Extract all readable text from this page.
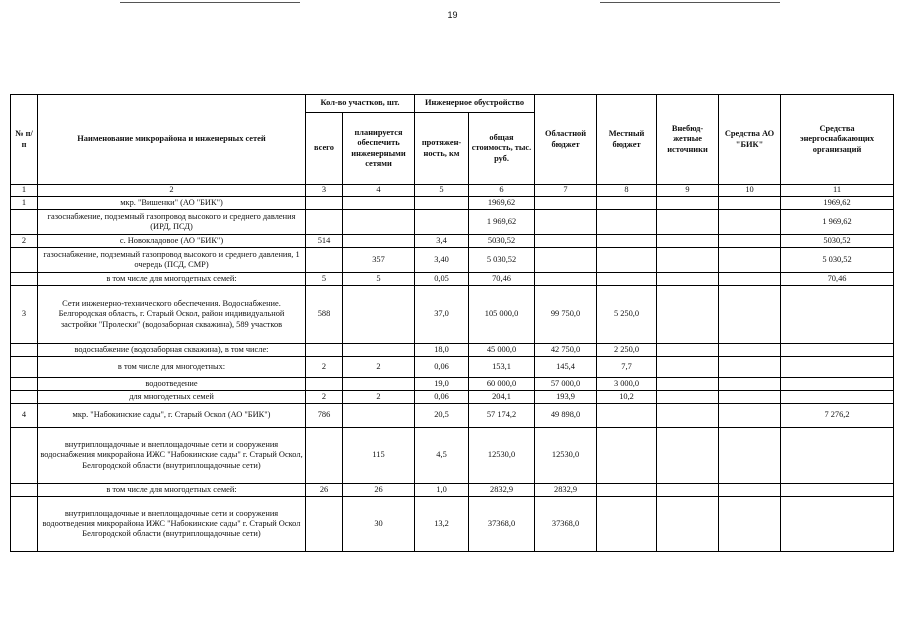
19
№ п/п	Наименование микрорайона и инженерных сетей	Кол-во участков, шт.		Инженерное обустройство		Областной бюджет	Местный бюджет	Внебюд-жетные источники	Средства АО "БИК"	Средства энергоснабжающих организаций
		всего	планируется обеспечить инженерными сетями	протяжен-ность, км	общая стоимость, тыс. руб.					
1	2	3	4	5	6	7	8	9	10	11
1	мкр. "Вишенки" (АО "БИК")				1969,62					1969,62
	газоснабжение, подземный газопровод высокого и среднего давления (ИРД, ПСД)				1 969,62					1 969,62
2	с. Новокладовое (АО "БИК")	514		3,4	5030,52					5030,52
	газоснабжение, подземный газопровод высокого и среднего давления, 1 очередь (ПСД, СМР)		357	3,40	5 030,52					5 030,52
	в том числе для многодетных семей:	5	5	0,05	70,46					70,46
3	Сети инженерно-технического обеспечения. Водоснабжение. Белгородская область, г. Старый Оскол, район индивидуальной застройки "Пролески" (водозаборная скважина), 589 участков	588		37,0	105 000,0	99 750,0	5 250,0			
	водоснабжение (водозаборная скважина), в том числе:			18,0	45 000,0	42 750,0	2 250,0			
	в том числе для многодетных:	2	2	0,06	153,1	145,4	7,7			
	водоотведение			19,0	60 000,0	57 000,0	3 000,0			
	для многодетных семей	2	2	0,06	204,1	193,9	10,2			
4	мкр. "Набокинские сады", г. Старый Оскол (АО "БИК")	786		20,5	57 174,2	49 898,0				7 276,2
	внутриплощадочные и внеплощадочные сети и сооружения водоснабжения микрорайона ИЖС "Набокинские сады" г. Старый Оскол, Белгородской области (внутриплощадочные сети)		115	4,5	12530,0	12530,0				
	в том числе для многодетных семей:	26	26	1,0	2832,9	2832,9				
	внутриплощадочные и внеплощадочные сети и сооружения водоотведения микрорайона ИЖС "Набокинские сады" г. Старый Оскол Белгородской области (внутриплощадочные сети)		30	13,2	37368,0	37368,0				
